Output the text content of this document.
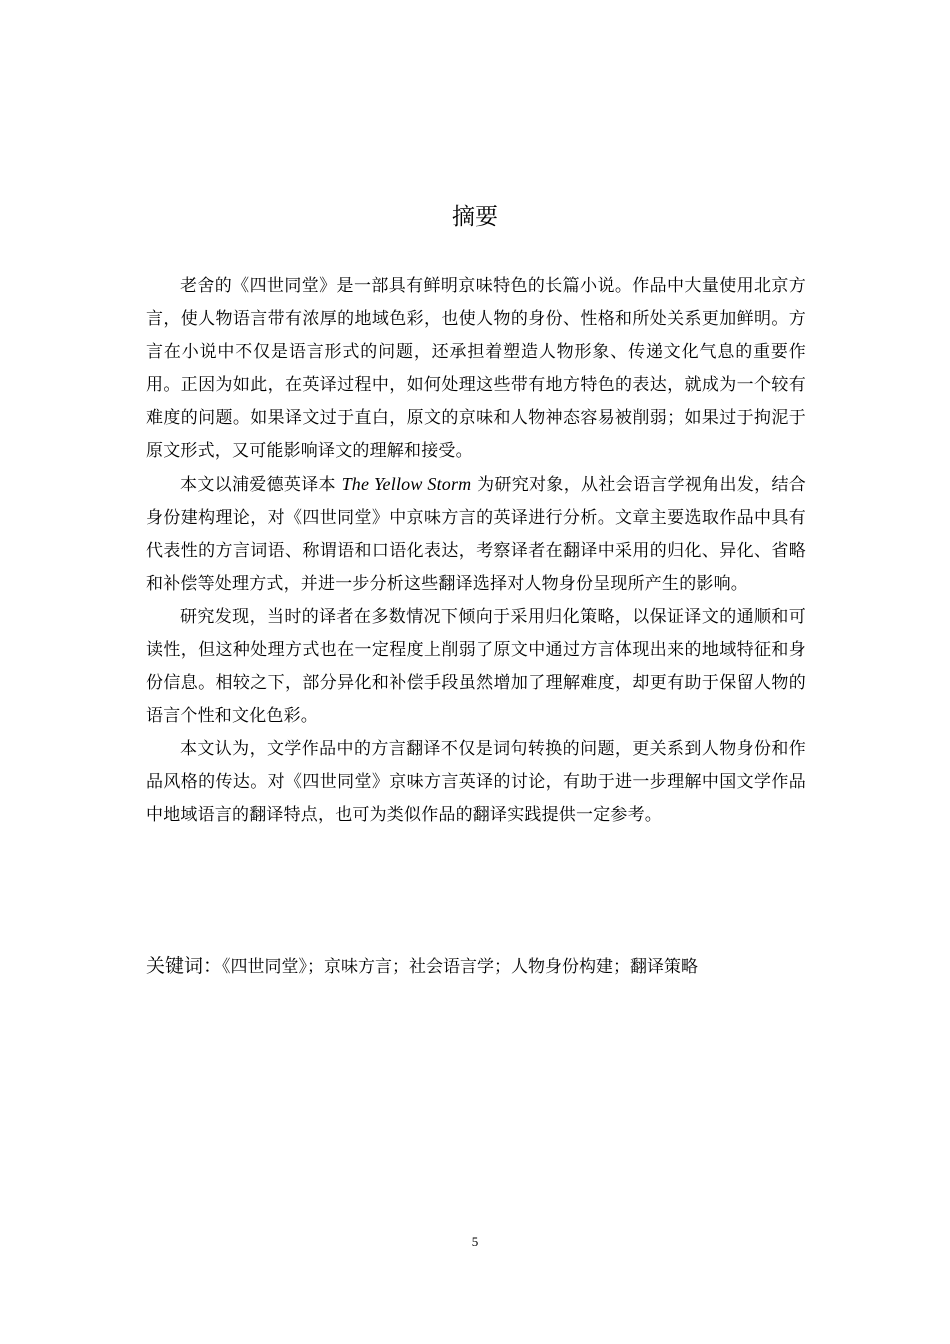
摘要

老舍的《四世同堂》是一部具有鲜明京味特色的长篇小说。作品中大量使用北京方言，使人物语言带有浓厚的地域色彩，也使人物的身份、性格和所处关系更加鲜明。方言在小说中不仅是语言形式的问题，还承担着塑造人物形象、传递文化气息的重要作用。正因为如此，在英译过程中，如何处理这些带有地方特色的表达，就成为一个较有难度的问题。如果译文过于直白，原文的京味和人物神态容易被削弱；如果过于拘泥于原文形式，又可能影响译文的理解和接受。

本文以浦爱德英译本 The Yellow Storm 为研究对象，从社会语言学视角出发，结合身份建构理论，对《四世同堂》中京味方言的英译进行分析。文章主要选取作品中具有代表性的方言词语、称谓语和口语化表达，考察译者在翻译中采用的归化、异化、省略和补偿等处理方式，并进一步分析这些翻译选择对人物身份呈现所产生的影响。

研究发现，当时的译者在多数情况下倾向于采用归化策略，以保证译文的通顺和可读性，但这种处理方式也在一定程度上削弱了原文中通过方言体现出来的地域特征和身份信息。相较之下，部分异化和补偿手段虽然增加了理解难度，却更有助于保留人物的语言个性和文化色彩。

本文认为，文学作品中的方言翻译不仅是词句转换的问题，更关系到人物身份和作品风格的传达。对《四世同堂》京味方言英译的讨论，有助于进一步理解中国文学作品中地域语言的翻译特点，也可为类似作品的翻译实践提供一定参考。

关键词：《四世同堂》；京味方言；社会语言学；人物身份构建；翻译策略
5
